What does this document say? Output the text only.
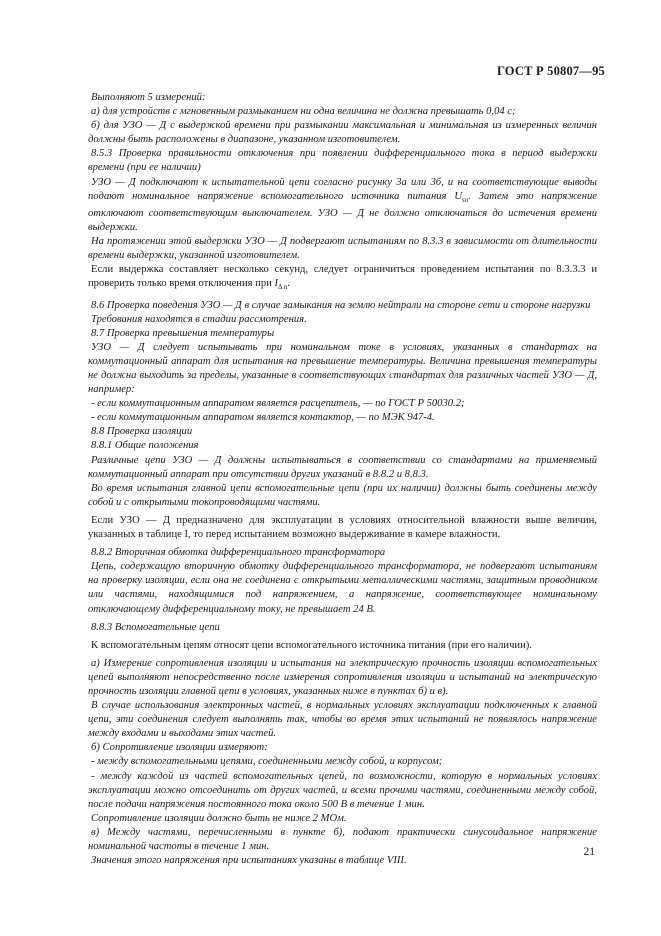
ГОСТ Р 50807—95

Выполняют 5 измерений:

а) для устройств с мгновенным размыканием ни одна величина не должна превышать 0,04 с;

б) для УЗО — Д с выдержкой времени при размыкании максимальная и минимальная из измеренных величин должны быть расположены в диапазоне, указанном изготовителем.

8.5.3 Проверка правильности отключения при появлении дифференциального тока в период выдержки времени (при ее наличии)

УЗО — Д подключают к испытательной цепи согласно рисунку 3а или 3б, и на соответствующие выводы подают номинальное напряжение вспомогательного источника питания $U_{sn}$. Затем это напряжение отключают соответствующим выключателем. УЗО — Д не должно отключаться до истечения времени выдержки.

На протяжении этой выдержки УЗО — Д подвергают испытаниям по 8.3.3 в зависимости от длительности времени выдержки, указанной изготовителем.

Если выдержка составляет несколько секунд, следует ограничиться проведением испытания по 8.3.3.3 и проверить только время отключения при $I_{\Delta n}$.

8.6 Проверка поведения УЗО — Д в случае замыкания на землю нейтрали на стороне сети и стороне нагрузки

Требования находятся в стадии рассмотрения.

8.7 Проверка превышения температуры

УЗО — Д следует испытывать при номинальном токе в условиях, указанных в стандартах на коммутационный аппарат для испытания на превышение температуры. Величина превышения температуры не должна выходить за пределы, указанные в соответствующих стандартах для различных частей УЗО — Д, например:

- если коммутационным аппаратом является расцепитель, — по ГОСТ Р 50030.2;

- если коммутационным аппаратом является контактор, — по МЭК 947-4.

8.8 Проверка изоляции

8.8.1 Общие положения

Различные цепи УЗО — Д должны испытываться в соответствии со стандартами на применяемый коммутационный аппарат при отсутствии других указаний в 8.8.2 и 8.8.3.

Во время испытания главной цепи вспомогательные цепи (при их наличии) должны быть соединены между собой и с открытыми токопроводящими частями.

Если УЗО — Д предназначено для эксплуатации в условиях относительной влажности выше величин, указанных в таблице I, то перед испытанием возможно выдерживание в камере влажности.

8.8.2 Вторичная обмотка дифференциального трансформатора

Цепь, содержащую вторичную обмотку дифференциального трансформатора, не подвергают испытаниям на проверку изоляции, если она не соединена с открытыми металлическими частями, защитным проводником или частями, находящимися под напряжением, а напряжение, соответствующее номинальному отключающему дифференциальному току, не превышает 24 В.

8.8.3 Вспомогательные цепи

К вспомогательным цепям относят цепи вспомогательного источника питания (при его наличии).

а) Измерение сопротивления изоляции и испытания на электрическую прочность изоляции вспомогательных цепей выполняют непосредственно после измерения сопротивления изоляции и испытаний на электрическую прочность изоляции главной цепи в условиях, указанных ниже в пунктах б) и в).

В случае использования электронных частей, в нормальных условиях эксплуатации подключенных к главной цепи, эти соединения следует выполнять так, чтобы во время этих испытаний не появлялось напряжение между входами и выходами этих частей.

б) Сопротивление изоляции измеряют:

- между вспомогательными цепями, соединенными между собой, и корпусом;

- между каждой из частей вспомогательных цепей, по возможности, которую в нормальных условиях эксплуатации можно отсоединить от других частей, и всеми прочими частями, соединенными между собой, после подачи напряжения постоянного тока около 500 В в течение 1 мин.

Сопротивление изоляции должно быть не ниже 2 МОм.

в) Между частями, перечисленными в пункте б), подают практически синусоидальное напряжение номинальной частоты в течение 1 мин.

Значения этого напряжения при испытаниях указаны в таблице VIII.

21
